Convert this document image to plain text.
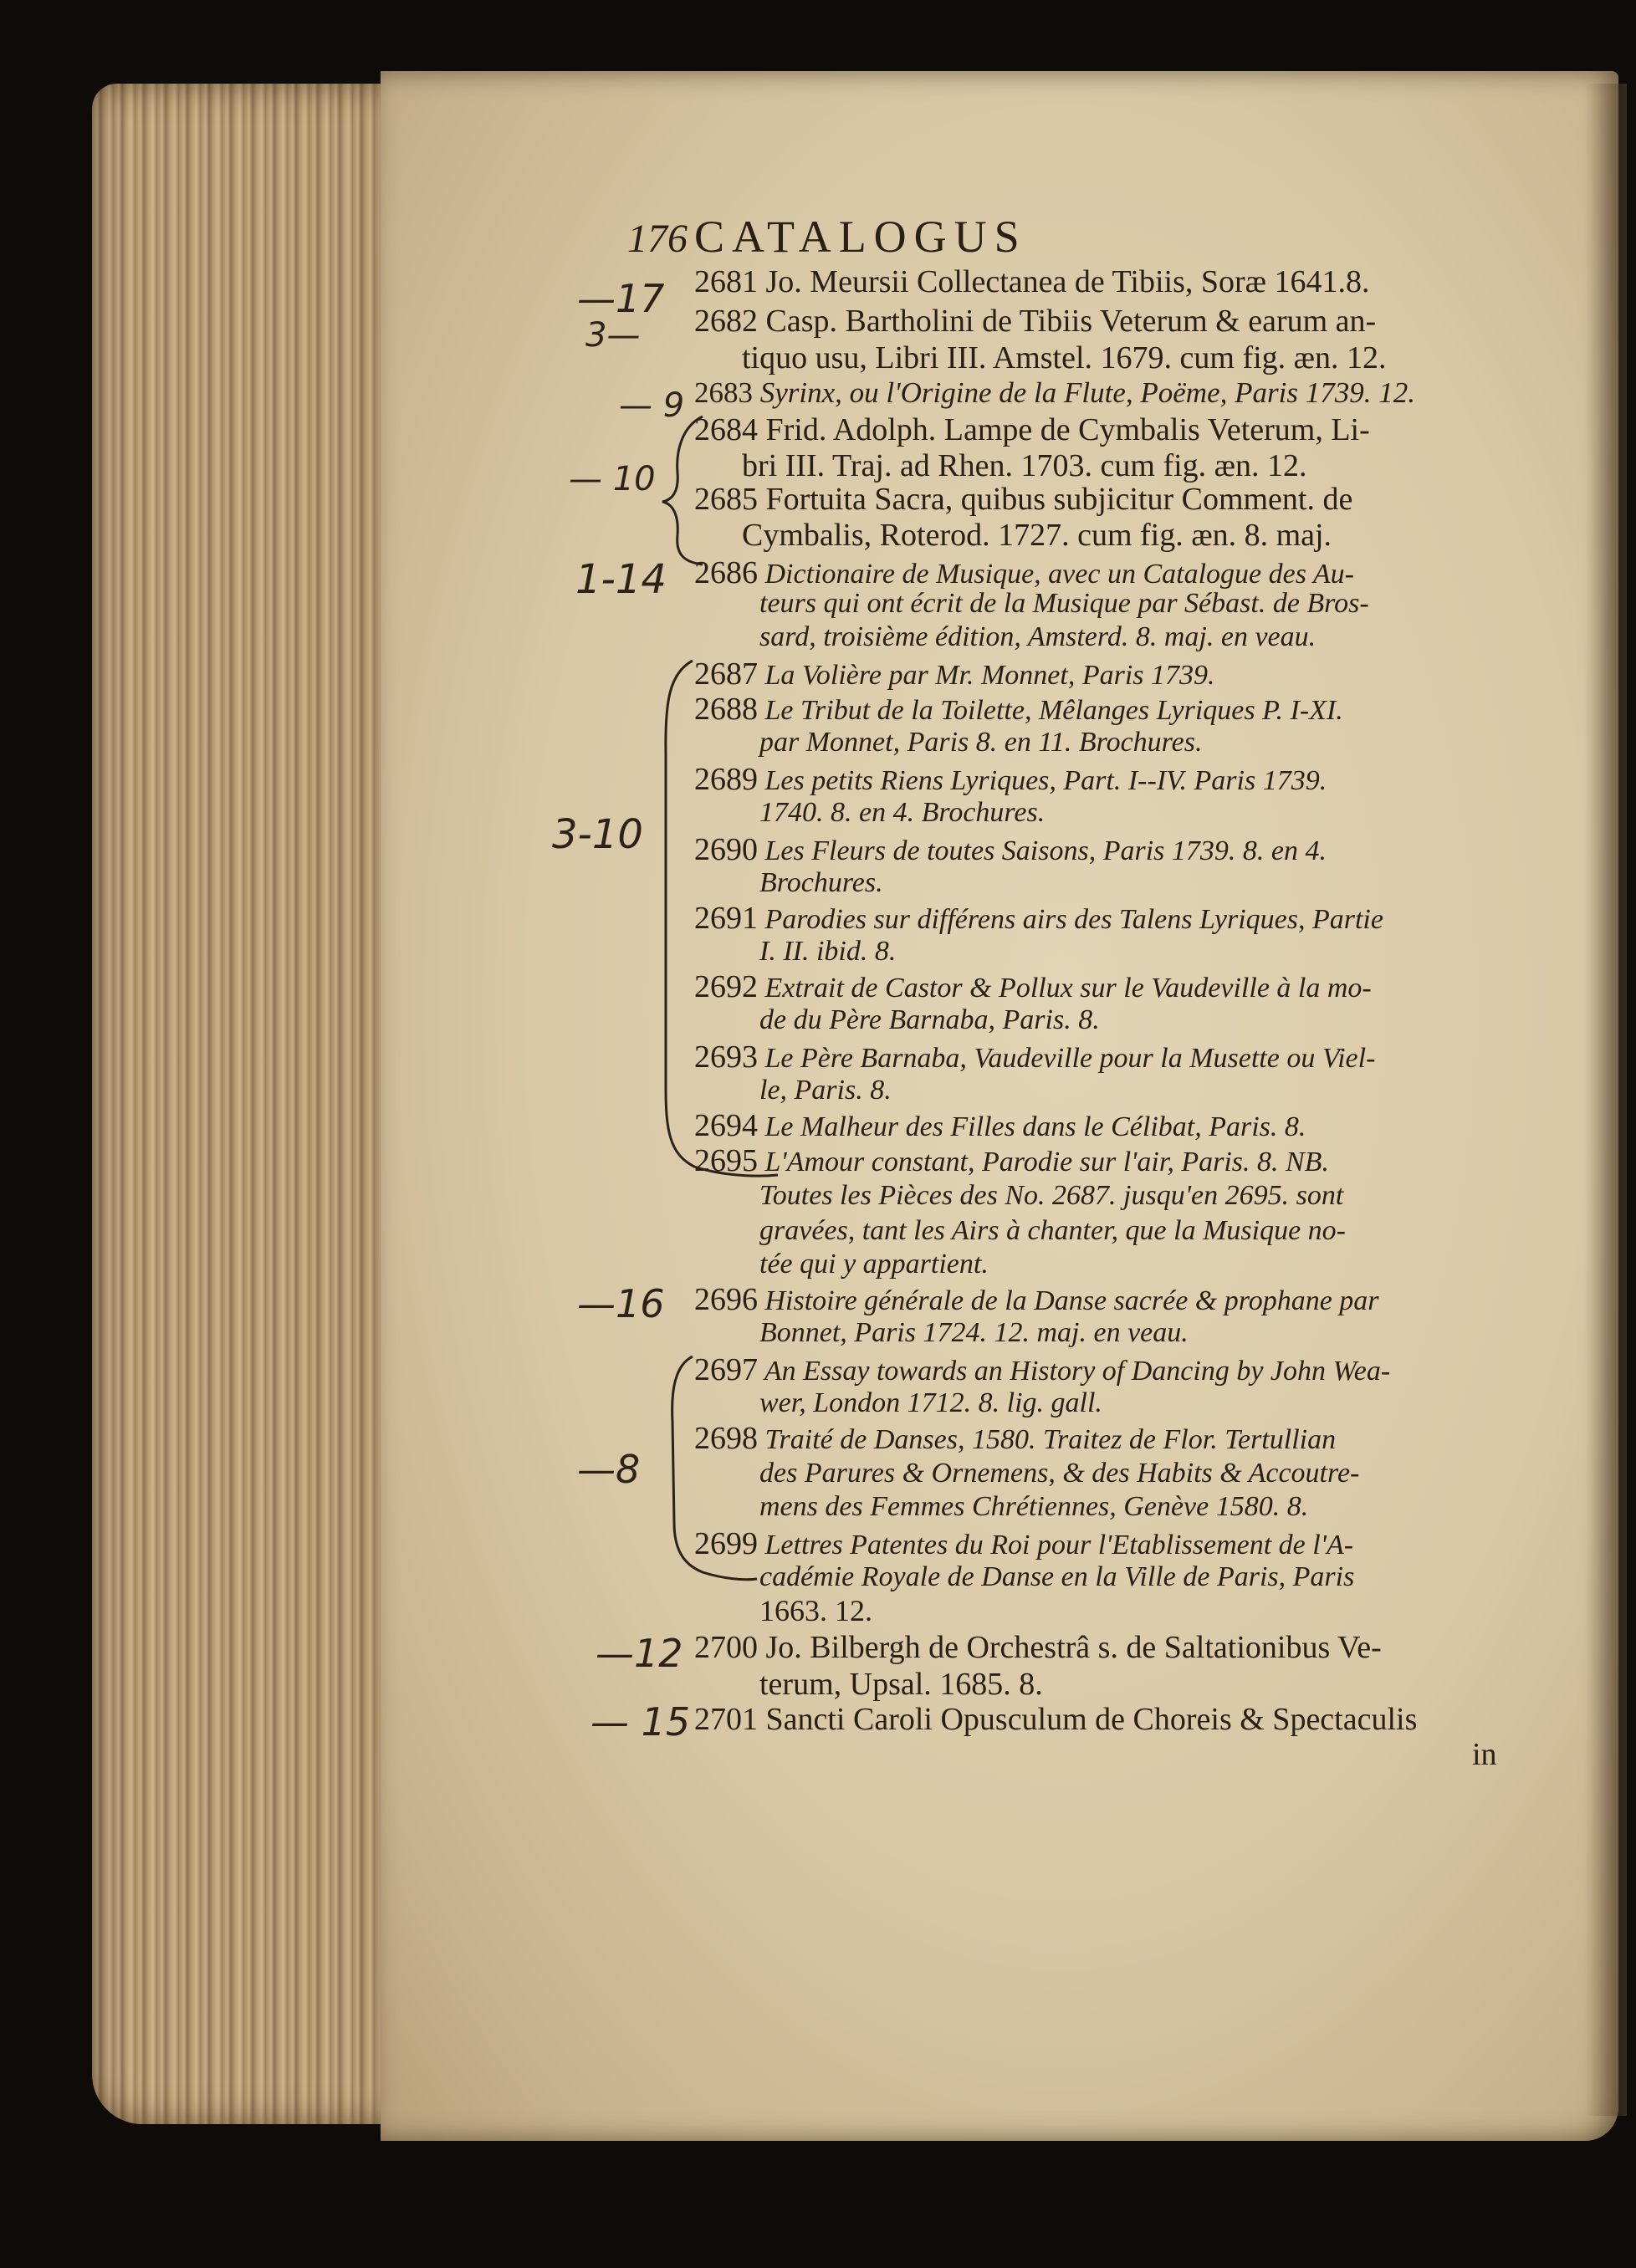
176 CATALOGUS
2681 Jo. Meursii Collectanea de Tibiis, Soræ 1641.8.
2682 Casp. Bartholini de Tibiis Veterum & earum an-
tiquo usu, Libri III. Amstel. 1679. cum fig. æn. 12.
2683 Syrinx, ou l'Origine de la Flute, Poëme, Paris 1739. 12.
2684 Frid. Adolph. Lampe de Cymbalis Veterum, Li-
bri III. Traj. ad Rhen. 1703. cum fig. æn. 12.
2685 Fortuita Sacra, quibus subjicitur Comment. de
Cymbalis, Roterod. 1727. cum fig. æn. 8. maj.
2686 Dictionaire de Musique, avec un Catalogue des Au-
teurs qui ont écrit de la Musique par Sébast. de Bros-
sard, troisième édition, Amsterd. 8. maj. en veau.
2687 La Volière par Mr. Monnet, Paris 1739.
2688 Le Tribut de la Toilette, Mêlanges Lyriques P. I-XI.
par Monnet, Paris 8. en 11. Brochures.
2689 Les petits Riens Lyriques, Part. I--IV. Paris 1739.
1740. 8. en 4. Brochures.
2690 Les Fleurs de toutes Saisons, Paris 1739. 8. en 4.
Brochures.
2691 Parodies sur différens airs des Talens Lyriques, Partie
I. II. ibid. 8.
2692 Extrait de Castor & Pollux sur le Vaudeville à la mo-
de du Père Barnaba, Paris. 8.
2693 Le Père Barnaba, Vaudeville pour la Musette ou Viel-
le, Paris. 8.
2694 Le Malheur des Filles dans le Célibat, Paris. 8.
2695 L'Amour constant, Parodie sur l'air, Paris. 8. NB.
Toutes les Pièces des No. 2687. jusqu'en 2695. sont
gravées, tant les Airs à chanter, que la Musique no-
tée qui y appartient.
2696 Histoire générale de la Danse sacrée & prophane par
Bonnet, Paris 1724. 12. maj. en veau.
2697 An Essay towards an History of Dancing by John Wea-
wer, London 1712. 8. lig. gall.
2698 Traité de Danses, 1580. Traitez de Flor. Tertullian
des Parures & Ornemens, & des Habits & Accoutre-
mens des Femmes Chrétiennes, Genève 1580. 8.
2699 Lettres Patentes du Roi pour l'Etablissement de l'A-
cadémie Royale de Danse en la Ville de Paris, Paris
1663. 12.
2700 Jo. Bilbergh de Orchestrâ s. de Saltationibus Ve-
terum, Upsal. 1685. 8.
2701 Sancti Caroli Opusculum de Choreis & Spectaculis
in
—17
3—
— 9
— 10
1-14
3-10
—16
—8
—12
— 15
